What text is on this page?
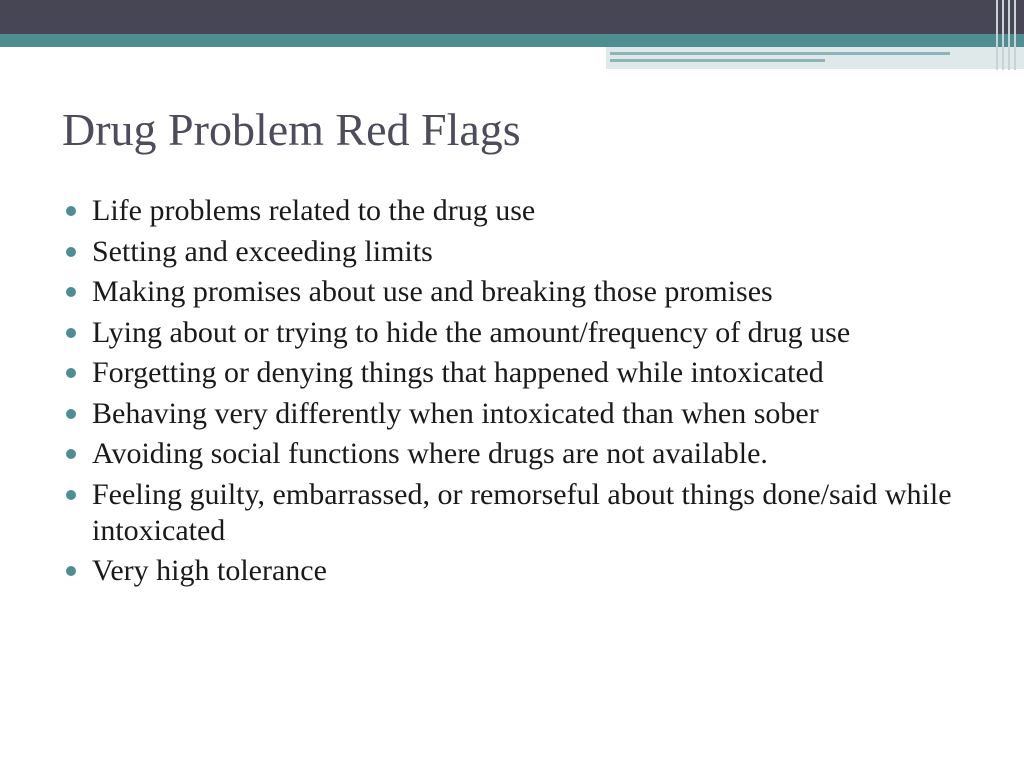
Drug Problem Red Flags
Life problems related to the drug use
Setting and exceeding limits
Making promises about use and breaking those promises
Lying about or trying to hide the amount/frequency of drug use
Forgetting or denying things that happened while intoxicated
Behaving very differently when intoxicated than when sober
Avoiding social functions where drugs are not available.
Feeling guilty, embarrassed, or remorseful about things done/said while intoxicated
Very high tolerance
